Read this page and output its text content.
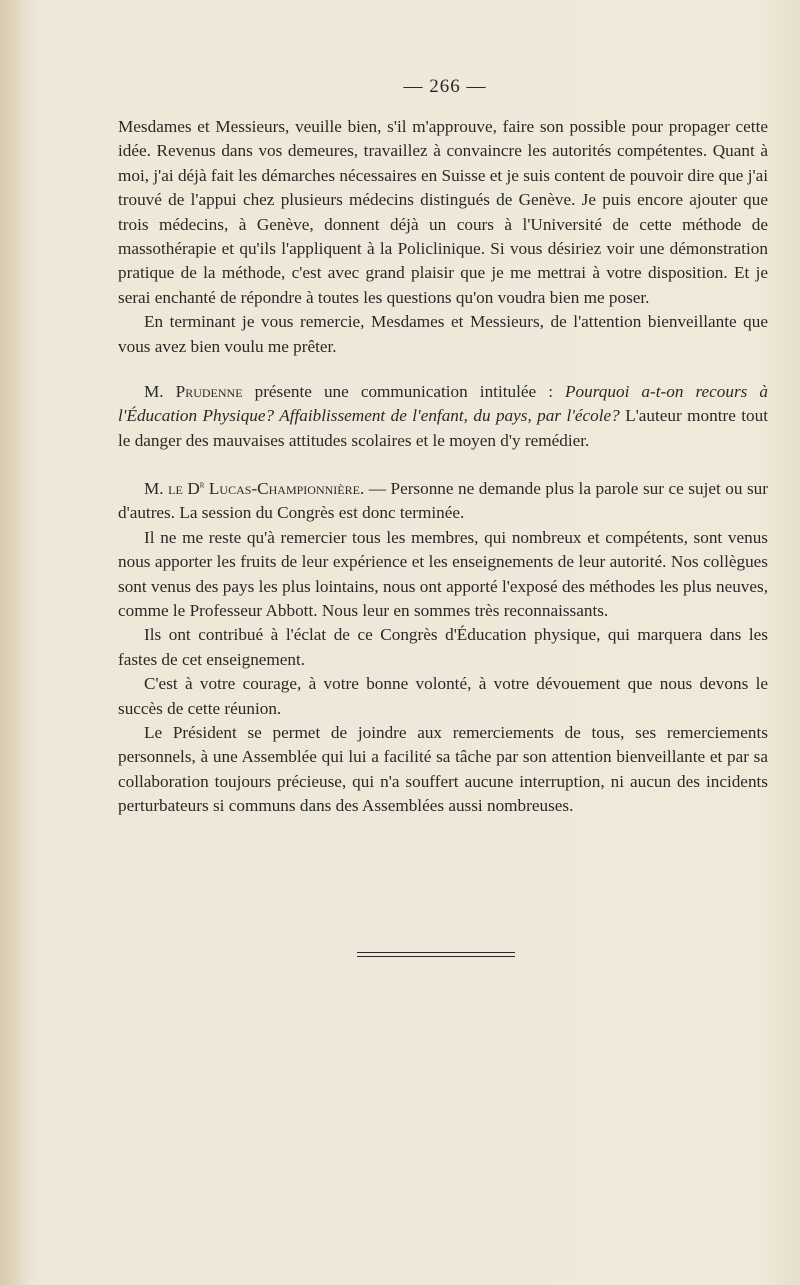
— 266 —

Mesdames et Messieurs, veuille bien, s'il m'approuve, faire son possible pour propager cette idée. Revenus dans vos demeures, travaillez à convaincre les autorités compétentes. Quant à moi, j'ai déjà fait les démarches nécessaires en Suisse et je suis content de pouvoir dire que j'ai trouvé de l'appui chez plusieurs médecins distingués de Genève. Je puis encore ajouter que trois médecins, à Genève, donnent déjà un cours à l'Université de cette méthode de massothérapie et qu'ils l'appliquent à la Policlinique. Si vous désiriez voir une démonstration pratique de la méthode, c'est avec grand plaisir que je me mettrai à votre disposition. Et je serai enchanté de répondre à toutes les questions qu'on voudra bien me poser.

En terminant je vous remercie, Mesdames et Messieurs, de l'attention bienveillante que vous avez bien voulu me prêter.

M. Prudenne présente une communication intitulée : Pourquoi a-t-on recours à l'Éducation Physique? Affaiblissement de l'enfant, du pays, par l'école? L'auteur montre tout le danger des mauvaises attitudes scolaires et le moyen d'y remédier.

M. le $D^r$ Lucas-Championnière. — Personne ne demande plus la parole sur ce sujet ou sur d'autres. La session du Congrès est donc terminée.

Il ne me reste qu'à remercier tous les membres, qui nombreux et compétents, sont venus nous apporter les fruits de leur expérience et les enseignements de leur autorité. Nos collègues sont venus des pays les plus lointains, nous ont apporté l'exposé des méthodes les plus neuves, comme le Professeur Abbott. Nous leur en sommes très reconnaissants.

Ils ont contribué à l'éclat de ce Congrès d'Éducation physique, qui marquera dans les fastes de cet enseignement.

C'est à votre courage, à votre bonne volonté, à votre dévouement que nous devons le succès de cette réunion.

Le Président se permet de joindre aux remerciements de tous, ses remerciements personnels, à une Assemblée qui lui a facilité sa tâche par son attention bienveillante et par sa collaboration toujours précieuse, qui n'a souffert aucune interruption, ni aucun des incidents perturbateurs si communs dans des Assemblées aussi nombreuses.
